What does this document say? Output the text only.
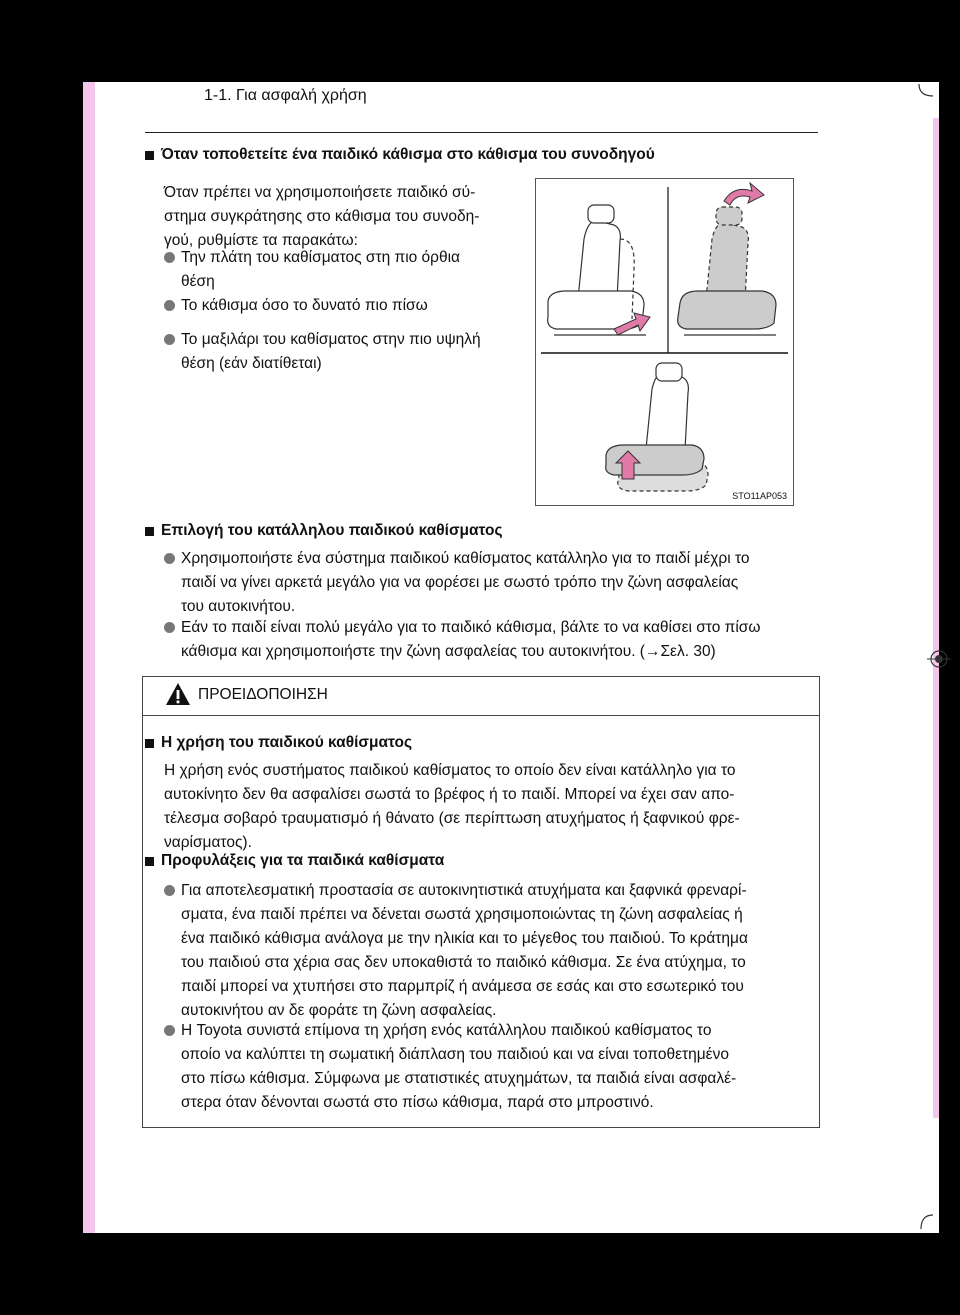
1-1. Για ασφαλή χρήση
Όταν τοποθετείτε ένα παιδικό κάθισμα στο κάθισμα του συνοδηγού
Όταν πρέπει να χρησιμοποιήσετε παιδικό σύ-
στημα συγκράτησης στο κάθισμα του συνοδη-
γού, ρυθμίστε τα παρακάτω:
Την πλάτη του καθίσματος στη πιο όρθια
θέση
Το κάθισμα όσο το δυνατό πιο πίσω
Το μαξιλάρι του καθίσματος στην πιο υψηλή
θέση (εάν διατίθεται)
STO11AP053
Επιλογή του κατάλληλου παιδικού καθίσματος
Χρησιμοποιήστε ένα σύστημα παιδικού καθίσματος κατάλληλο για το παιδί μέχρι το
παιδί να γίνει αρκετά μεγάλο για να φορέσει με σωστό τρόπο την ζώνη ασφαλείας
του αυτοκινήτου.
Εάν το παιδί είναι πολύ μεγάλο για το παιδικό κάθισμα, βάλτε το να καθίσει στο πίσω
κάθισμα και χρησιμοποιήστε την ζώνη ασφαλείας του αυτοκινήτου. (→Σελ. 30)
ΠΡΟΕΙΔΟΠΟΙΗΣΗ
Η χρήση του παιδικού καθίσματος
Η χρήση ενός συστήματος παιδικού καθίσματος το οποίο δεν είναι κατάλληλο για το
αυτοκίνητο δεν θα ασφαλίσει σωστά το βρέφος ή το παιδί. Μπορεί να έχει σαν απο-
τέλεσμα σοβαρό τραυματισμό ή θάνατο (σε περίπτωση ατυχήματος ή ξαφνικού φρε-
ναρίσματος).
Προφυλάξεις για τα παιδικά καθίσματα
Για αποτελεσματική προστασία σε αυτοκινητιστικά ατυχήματα και ξαφνικά φρεναρί-
σματα, ένα παιδί πρέπει να δένεται σωστά χρησιμοποιώντας τη ζώνη ασφαλείας ή
ένα παιδικό κάθισμα ανάλογα με την ηλικία και το μέγεθος του παιδιού. Το κράτημα
του παιδιού στα χέρια σας δεν υποκαθιστά το παιδικό κάθισμα. Σε ένα ατύχημα, το
παιδί μπορεί να χτυπήσει στο παρμπρίζ ή ανάμεσα σε εσάς και στο εσωτερικό του
αυτοκινήτου αν δε φοράτε τη ζώνη ασφαλείας.
Η Toyota συνιστά επίμονα τη χρήση ενός κατάλληλου παιδικού καθίσματος το
οποίο να καλύπτει τη σωματική διάπλαση του παιδιού και να είναι τοποθετημένο
στο πίσω κάθισμα. Σύμφωνα με στατιστικές ατυχημάτων, τα παιδιά είναι ασφαλέ-
στερα όταν δένονται σωστά στο πίσω κάθισμα, παρά στο μπροστινό.
